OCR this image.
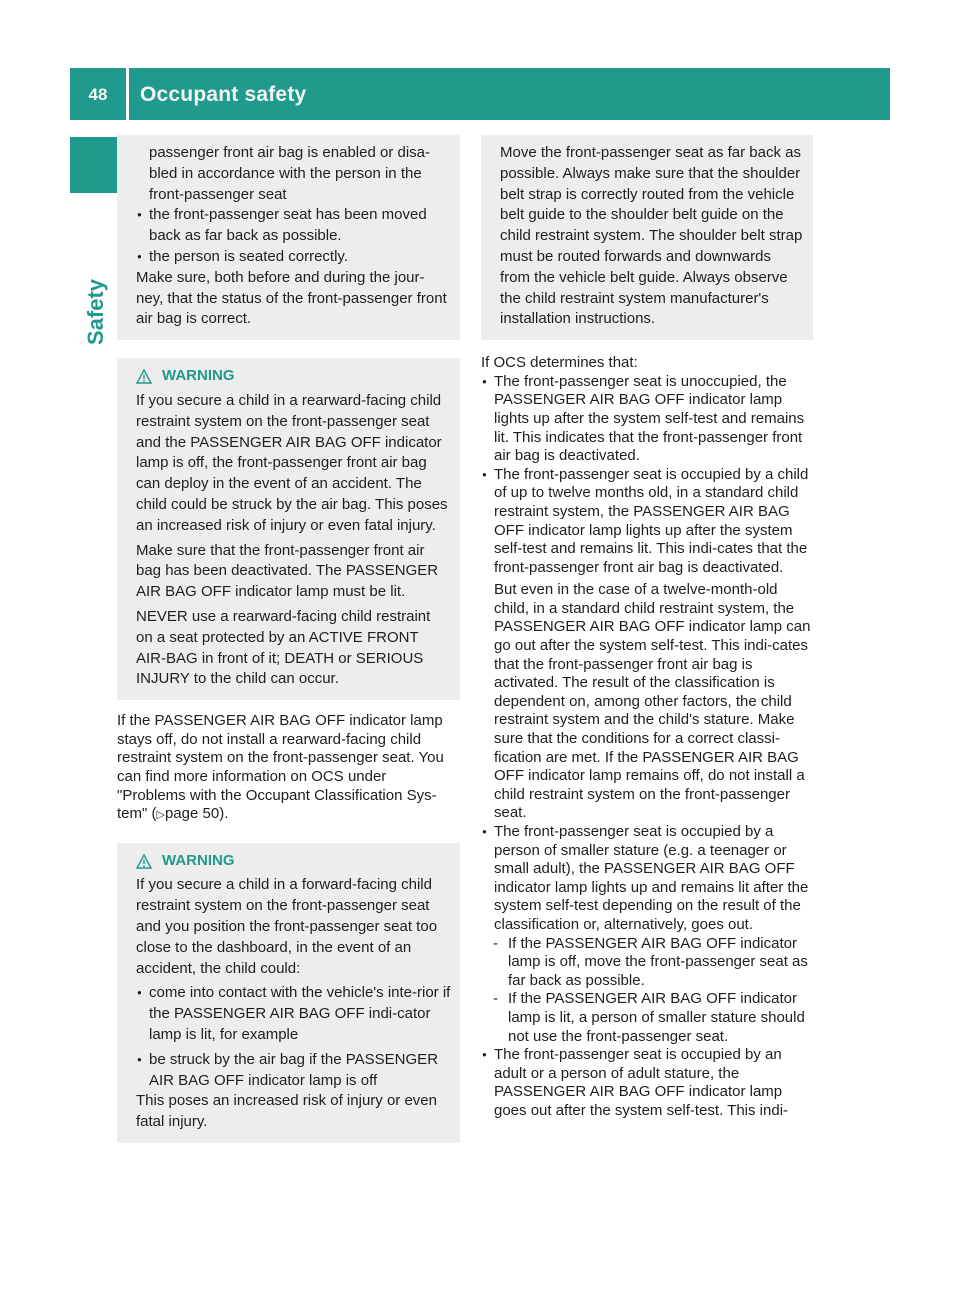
48	Occupant safety
Safety

passenger front air bag is enabled or disa-bled in accordance with the person in the front-passenger seat

● the front-passenger seat has been moved back as far back as possible.

● the person is seated correctly.

Make sure, both before and during the jour-ney, that the status of the front-passenger front air bag is correct.

WARNING

If you secure a child in a rearward-facing child restraint system on the front-passenger seat and the PASSENGER AIR BAG OFF indicator lamp is off, the front-passenger front air bag can deploy in the event of an accident. The child could be struck by the air bag. This poses an increased risk of injury or even fatal injury.

Make sure that the front-passenger front air bag has been deactivated. The PASSENGER AIR BAG OFF indicator lamp must be lit.

NEVER use a rearward-facing child restraint on a seat protected by an ACTIVE FRONT AIR-BAG in front of it; DEATH or SERIOUS INJURY to the child can occur.

If the PASSENGER AIR BAG OFF indicator lamp stays off, do not install a rearward-facing child restraint system on the front-passenger seat. You can find more information on OCS under "Problems with the Occupant Classification Sys-tem" (▷page 50).

WARNING

If you secure a child in a forward-facing child restraint system on the front-passenger seat and you position the front-passenger seat too close to the dashboard, in the event of an accident, the child could:

● come into contact with the vehicle's inte-rior if the PASSENGER AIR BAG OFF indi-cator lamp is lit, for example

● be struck by the air bag if the PASSENGER AIR BAG OFF indicator lamp is off

This poses an increased risk of injury or even fatal injury.

Move the front-passenger seat as far back as possible. Always make sure that the shoulder belt strap is correctly routed from the vehicle belt guide to the shoulder belt guide on the child restraint system. The shoulder belt strap must be routed forwards and downwards from the vehicle belt guide. Always observe the child restraint system manufacturer's installation instructions.

If OCS determines that:

● The front-passenger seat is unoccupied, the PASSENGER AIR BAG OFF indicator lamp lights up after the system self-test and remains lit. This indicates that the front-passenger front air bag is deactivated.

● The front-passenger seat is occupied by a child of up to twelve months old, in a standard child restraint system, the PASSENGER AIR BAG OFF indicator lamp lights up after the system self-test and remains lit. This indi-cates that the front-passenger front air bag is deactivated.

But even in the case of a twelve-month-old child, in a standard child restraint system, the PASSENGER AIR BAG OFF indicator lamp can go out after the system self-test. This indi-cates that the front-passenger front air bag is activated. The result of the classification is dependent on, among other factors, the child restraint system and the child's stature. Make sure that the conditions for a correct classi-fication are met. If the PASSENGER AIR BAG OFF indicator lamp remains off, do not install a child restraint system on the front-passenger seat.

● The front-passenger seat is occupied by a person of smaller stature (e.g. a teenager or small adult), the PASSENGER AIR BAG OFF indicator lamp lights up and remains lit after the system self-test depending on the result of the classification or, alternatively, goes out.

- If the PASSENGER AIR BAG OFF indicator lamp is off, move the front-passenger seat as far back as possible.

- If the PASSENGER AIR BAG OFF indicator lamp is lit, a person of smaller stature should not use the front-passenger seat.

● The front-passenger seat is occupied by an adult or a person of adult stature, the PASSENGER AIR BAG OFF indicator lamp goes out after the system self-test. This indi-
